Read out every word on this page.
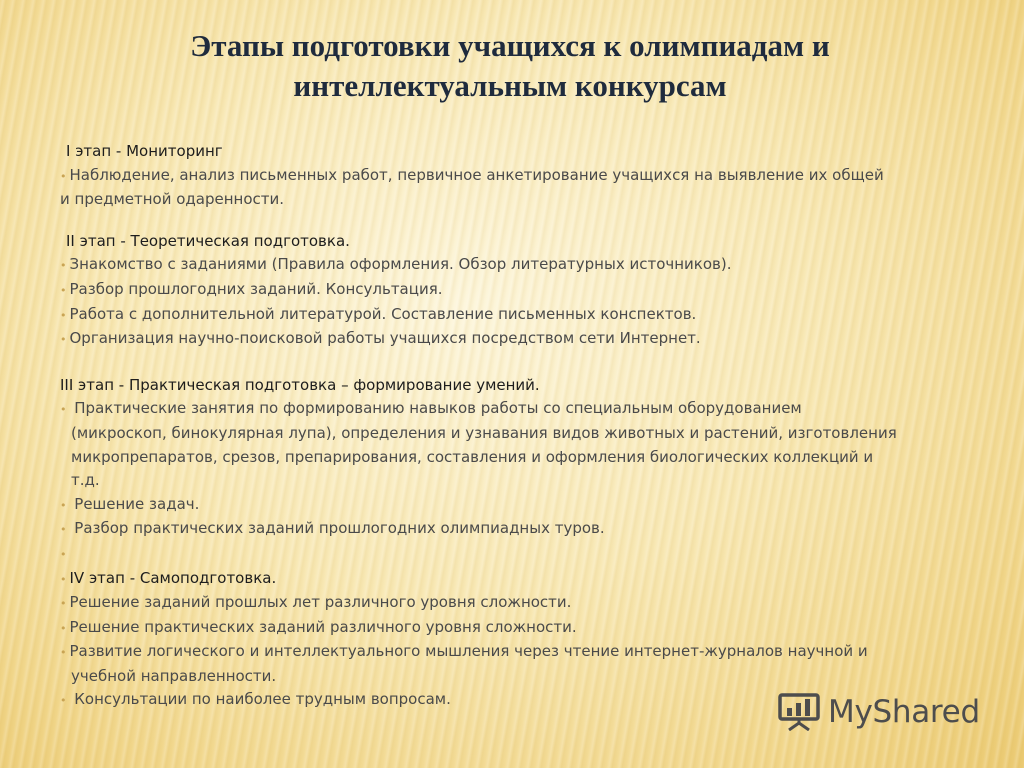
Этапы подготовки учащихся к олимпиадам и
интеллектуальным конкурсам
I этап - Мониторинг
• Наблюдение, анализ письменных работ, первичное анкетирование учащихся на выявление их общей
и предметной одаренности.
II этап - Теоретическая подготовка.
• Знакомство с заданиями (Правила оформления. Обзор литературных источников).
• Разбор прошлогодних заданий. Консультация.
• Работа с дополнительной литературой. Составление письменных конспектов.
• Организация научно-поисковой работы учащихся посредством сети Интернет.
III этап - Практическая подготовка – формирование умений.
• Практические занятия по формированию навыков работы со специальным оборудованием
(микроскоп, бинокулярная лупа), определения и узнавания видов животных и растений, изготовления
микропрепаратов, срезов, препарирования, составления и оформления биологических коллекций и
т.д.
• Решение задач.
• Разбор практических заданий прошлогодних олимпиадных туров.
•
• IV этап - Самоподготовка.
• Решение заданий прошлых лет различного уровня сложности.
• Решение практических заданий различного уровня сложности.
• Развитие логического и интеллектуального мышления через чтение интернет-журналов научной и
учебной направленности.
• Консультации по наиболее трудным вопросам.	MyShared
